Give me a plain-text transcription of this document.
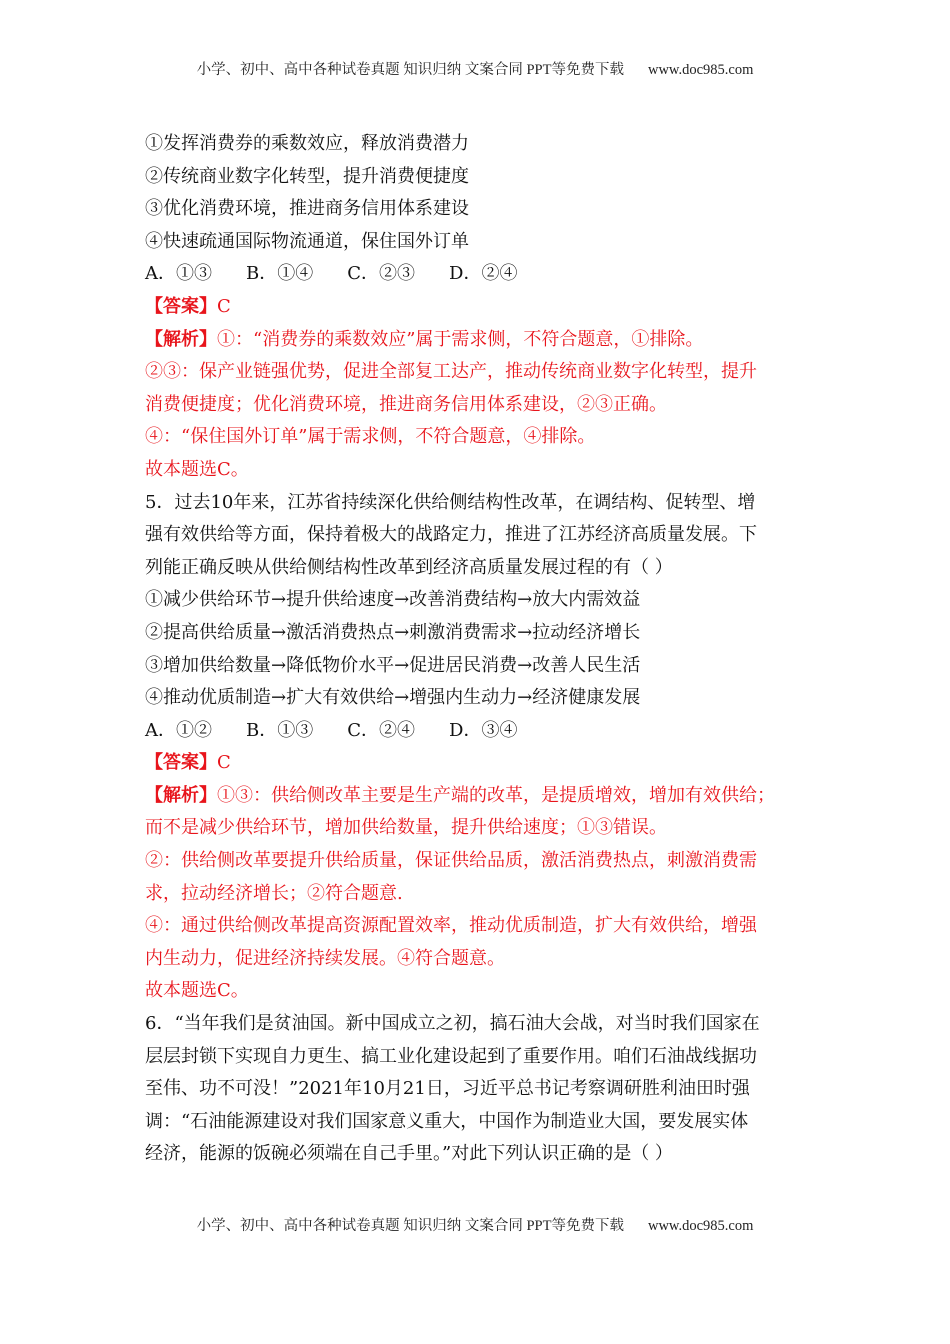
小学、初中、高中各种试卷真题 知识归纳 文案合同 PPT等免费下载 www.doc985.com
①发挥消费券的乘数效应，释放消费潜力
②传统商业数字化转型，提升消费便捷度
③优化消费环境，推进商务信用体系建设
④快速疏通国际物流通道，保住国外订单
A．①③ B．①④ C．②③ D．②④
【答案】C
【解析】①：“消费券的乘数效应”属于需求侧，不符合题意，①排除。
②③：保产业链强优势，促进全部复工达产，推动传统商业数字化转型，提升
消费便捷度；优化消费环境，推进商务信用体系建设，②③正确。
④：“保住国外订单”属于需求侧，不符合题意，④排除。
故本题选C。
5．过去10年来，江苏省持续深化供给侧结构性改革，在调结构、促转型、增
强有效供给等方面，保持着极大的战路定力，推进了江苏经济高质量发展。下
列能正确反映从供给侧结构性改革到经济高质量发展过程的有（ ）
①减少供给环节→提升供给速度→改善消费结构→放大内需效益
②提高供给质量→激活消费热点→刺激消费需求→拉动经济增长
③增加供给数量→降低物价水平→促进居民消费→改善人民生活
④推动优质制造→扩大有效供给→增强内生动力→经济健康发展
A．①② B．①③ C．②④ D．③④
【答案】C
【解析】①③：供给侧改革主要是生产端的改革，是提质增效，增加有效供给；
而不是减少供给环节，增加供给数量，提升供给速度；①③错误。
②：供给侧改革要提升供给质量，保证供给品质，激活消费热点，刺激消费需
求，拉动经济增长；②符合题意.
④：通过供给侧改革提高资源配置效率，推动优质制造，扩大有效供给，增强
内生动力，促进经济持续发展。④符合题意。
故本题选C。
6．“当年我们是贫油国。新中国成立之初，搞石油大会战，对当时我们国家在
层层封锁下实现自力更生、搞工业化建设起到了重要作用。咱们石油战线据功
至伟、功不可没！”2021年10月21日，习近平总书记考察调研胜利油田时强
调：“石油能源建设对我们国家意义重大，中国作为制造业大国，要发展实体
经济，能源的饭碗必须端在自己手里。”对此下列认识正确的是（ ）
小学、初中、高中各种试卷真题 知识归纳 文案合同 PPT等免费下载 www.doc985.com
